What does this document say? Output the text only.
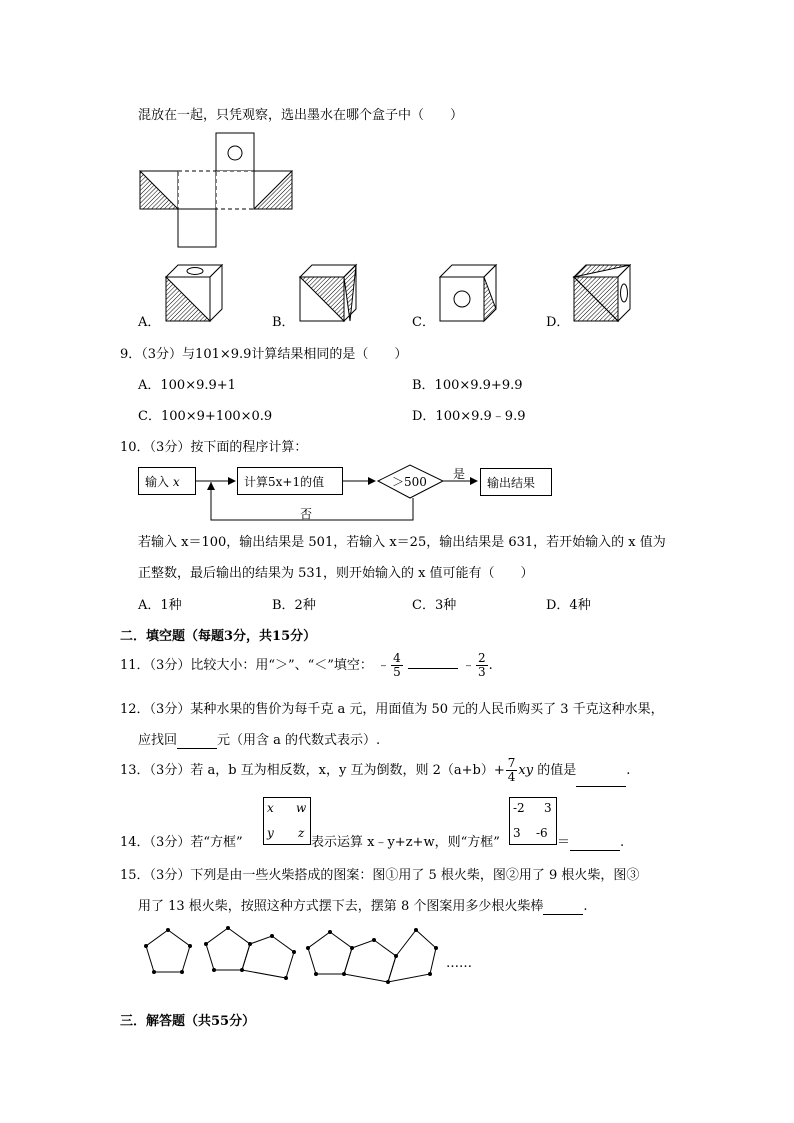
混放在一起，只凭观察，选出墨水在哪个盒子中（　　）
A．	B．	C．	D．
9．（3分）与101×9.9计算结果相同的是（　　）
A．100×9.9+1	B．100×9.9+9.9
C．100×9+100×0.9	D．100×9.9﹣9.9
10．（3分）按下面的程序计算：
输入 x	计算5x+1的值	＞500
是
输出结果
否
若输入 x＝100，输出结果是 501，若输入 x＝25，输出结果是 631，若开始输入的 x 值为
正整数，最后输出的结果为 531，则开始输入的 x 值可能有（　　）
A．1种	B．2种	C．3种	D．4种
二．填空题（每题3分，共15分）
11．（3分）比较大小：用“＞”、“＜”填空： ﹣ $\frac{4}{5}$	﹣ $\frac{2}{3}$ .
12．（3分）某种水果的售价为每千克 a 元，用面值为 50 元的人民币购买了 3 千克这种水果，
应找回	元（用含 a 的代数式表示）.
13．（3分）若 a，b 互为相反数，x，y 互为倒数，则 $2(a+b)+ \frac{7}{4}$ xy 的值是	.
14．（3分）若“方框”
x w
y z
表示运算 x﹣y+z+w，则“方框”
-2 3
3 -6
＝	.
15．（3分）下列是由一些火柴搭成的图案：图①用了 5 根火柴，图②用了 9 根火柴，图③
用了 13 根火柴，按照这种方式摆下去，摆第 8 个图案用多少根火柴棒	.
……
三．解答题（共55分）
